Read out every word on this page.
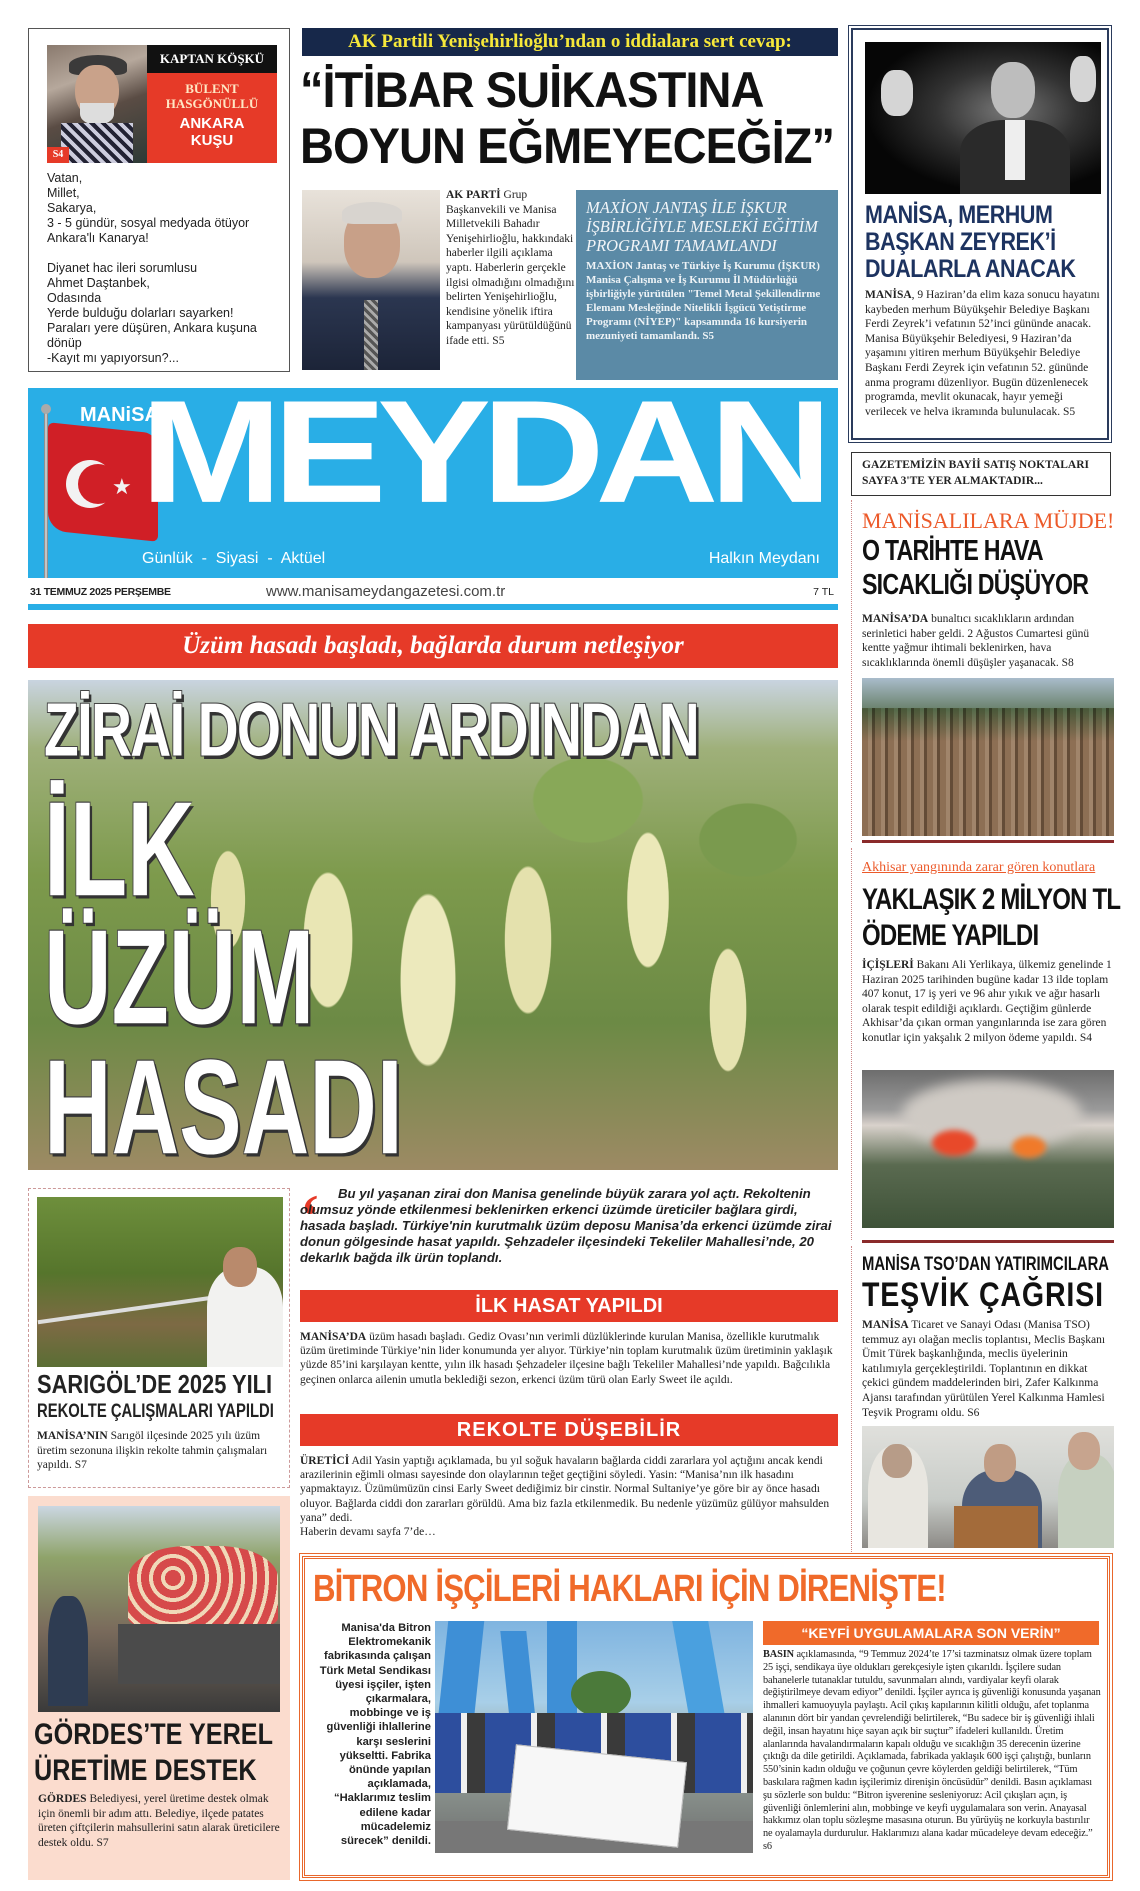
S4
KAPTAN KÖŞKÜ
BÜLENT
HASGÖNÜLLÜ
ANKARA
KUŞU
Vatan,
Millet,
Sakarya,
3 - 5 gündür, sosyal medyada ötüyor
Ankara'lı Kanarya!

Diyanet hac ileri sorumlusu
Ahmet Daştanbek,
Odasında
Yerde bulduğu dolarları sayarken!
Paraları yere düşüren, Ankara kuşuna
dönüp
-Kayıt mı yapıyorsun?...
AK Partili Yenişehirlioğlu’ndan o iddialara sert cevap:
“İTİBAR SUİKASTINA
BOYUN EĞMEYECEĞİZ”

AK PARTİ Grup Başkanvekili ve Manisa Milletvekili Bahadır Yenişehirlioğlu, hakkındaki haberler ilgili açıklama yaptı. Haberlerin gerçekle ilgisi olmadığını olmadığını belirten Yenişehirlioğlu, kendisine yönelik iftira kampanyası yürütüldüğünü ifade etti. S5

MAXİON JANTAŞ İLE İŞKUR İŞBİRLİĞİYLE MESLEKİ EĞİTİM PROGRAMI TAMAMLANDI
MAXİON Jantaş ve Türkiye İş Kurumu (İŞKUR) Manisa Çalışma ve İş Kurumu İl Müdürlüğü işbirliğiyle yürütülen "Temel Metal Şekillendirme Elemanı Mesleğinde Nitelikli İşgücü Yetiştirme Programı (NİYEP)" kapsamında 16 kursiyerin mezuniyeti tamamlandı. S5
MANİSA, MERHUM
BAŞKAN ZEYREK’İ
DUALARLA ANACAK

MANİSA, 9 Haziran’da elim kaza sonucu hayatını kaybeden merhum Büyükşehir Belediye Başkanı Ferdi Zeyrek’i vefatının 52’inci gününde anacak. Manisa Büyükşehir Belediyesi, 9 Haziran’da yaşamını yitiren merhum Büyükşehir Belediye Başkanı Ferdi Zeyrek için vefatının 52. gününde anma programı düzenliyor. Bugün düzenlenecek programda, mevlit okunacak, hayır yemeği verilecek ve helva ikramında bulunulacak. S5

GAZETEMİZİN BAYİİ SATIŞ NOKTALARI
SAYFA 3'TE YER ALMAKTADIR...
★
MANiSA
MEYDAN
Günlük  -  Siyasi  -  Aktüel	Halkın Meydanı
31 TEMMUZ 2025 PERŞEMBE	www.manisameydangazetesi.com.tr	7 TL
Üzüm hasadı başladı, bağlarda durum netleşiyor
ZİRAİ DONUN ARDINDAN
İLK
ÜZÜM
HASADI
MANİSALILARA MÜJDE!
O TARİHTE HAVA
SICAKLIĞI DÜŞÜYOR

MANİSA’DA bunaltıcı sıcaklıkların ardından serinletici haber geldi. 2 Ağustos Cumartesi günü kentte yağmur ihtimali beklenirken, hava sıcaklıklarında önemli düşüşler yaşanacak. S8

Akhisar yangınında zarar gören konutlara
YAKLAŞIK 2 MİLYON TL
ÖDEME YAPILDI

İÇİŞLERİ Bakanı Ali Yerlikaya, ülkemiz genelinde 1 Haziran 2025 tarihinden bugüne kadar 13 ilde toplam 407 konut, 17 iş yeri ve 96 ahır yıkık ve ağır hasarlı olarak tespit edildiği açıklardı. Geçtiğim günlerde Akhisar’da çıkan orman yangınlarında ise zara gören konutlar için yakşalık 2 milyon ödeme yapıldı. S4

MANİSA TSO’DAN YATIRIMCILARA
TEŞVİK ÇAĞRISI

MANİSA Ticaret ve Sanayi Odası (Manisa TSO) temmuz ayı olağan meclis toplantısı, Meclis Başkanı Ümit Türek başkanlığında, meclis üyelerinin katılımıyla gerçekleştirildi. Toplantının en dikkat çekici gündem maddelerinden biri, Zafer Kalkınma Ajansı tarafından yürütülen Yerel Kalkınma Hamlesi Teşvik Programı oldu. S6

SARIGÖL’DE 2025 YILI
REKOLTE ÇALIŞMALARI YAPILDI

MANİSA’NIN Sarıgöl ilçesinde 2025 yılı üzüm üretim sezonuna ilişkin rekolte tahmin çalışmaları yapıldı. S7

GÖRDES’TE YEREL
ÜRETİME DESTEK

GÖRDES Belediyesi, yerel üretime destek olmak için önemli bir adım attı. Belediye, ilçede patates üreten çiftçilerin mahsullerini satın alarak üreticilere destek oldu. S7

‘	Bu yıl yaşanan zirai don Manisa genelinde büyük zarara yol açtı. Rekoltenin olumsuz yönde etkilenmesi beklenirken erkenci üzümde üreticiler bağlara girdi, hasada başladı. Türkiye'nin kurutmalık üzüm deposu Manisa’da erkenci üzümde zirai donun gölgesinde hasat yapıldı. Şehzadeler ilçesindeki Tekeliler Mahallesi’nde, 20 dekarlık bağda ilk ürün toplandı.
İLK HASAT YAPILDI

MANİSA’DA üzüm hasadı başladı. Gediz Ovası’nın verimli düzlüklerinde kurulan Manisa, özellikle kurutmalık üzüm üretiminde Türkiye’nin lider konumunda yer alıyor. Türkiye’nin toplam kurutmalık üzüm üretiminin yaklaşık yüzde 85’ini karşılayan kentte, yılın ilk hasadı Şehzadeler ilçesine bağlı Tekeliler Mahallesi’nde yapıldı. Bağcılıkla geçinen onlarca ailenin umutla beklediği sezon, erkenci üzüm türü olan Early Sweet ile açıldı.

REKOLTE DÜŞEBİLİR

ÜRETİCİ Adil Yasin yaptığı açıklamada, bu yıl soğuk havaların bağlarda ciddi zararlara yol açtığını ancak kendi arazilerinin eğimli olması sayesinde don olaylarının teğet geçtiğini söyledi. Yasin: “Manisa’nın ilk hasadını yapmaktayız. Üzümümüzün cinsi Early Sweet dediğimiz bir cinstir. Normal Sultaniye’ye göre bir ay önce hasadı oluyor. Bağlarda ciddi don zararları görüldü. Ama biz fazla etkilenmedik. Bu nedenle yüzümüz gülüyor mahsulden yana” dedi.
Haberin devamı sayfa 7’de…

BİTRON İŞÇİLERİ HAKLARI İÇİN DİRENİŞTE!
Manisa'da Bitron Elektromekanik fabrikasında çalışan Türk Metal Sendikası üyesi işçiler, işten çıkarmalara, mobbinge ve iş güvenliği ihlallerine karşı seslerini yükseltti. Fabrika önünde yapılan açıklamada, “Haklarımız teslim edilene kadar mücadelemiz sürecek” denildi.
“KEYFİ UYGULAMALARA SON VERİN”

BASIN açıklamasında, “9 Temmuz 2024’te 17’si tazminatsız olmak üzere toplam 25 işçi, sendikaya üye oldukları gerekçesiyle işten çıkarıldı. İşçilere sudan bahanelerle tutanaklar tutuldu, savunmaları alındı, vardiyalar keyfi olarak değiştirilmeye devam ediyor” denildi. İşçiler ayrıca iş güvenliği konusunda yaşanan ihmalleri kamuoyuyla paylaştı. Acil çıkış kapılarının kilitli olduğu, afet toplanma alanının dört bir yandan çevrelendiği belirtilerek, “Bu sadece bir iş güvenliği ihlali değil, insan hayatını hiçe sayan açık bir suçtur” ifadeleri kullanıldı. Üretim alanlarında havalandırmaların kapalı olduğu ve sıcaklığın 35 derecenin üzerine çıktığı da dile getirildi. Açıklamada, fabrikada yaklaşık 600 işçi çalıştığı, bunların 550’sinin kadın olduğu ve çoğunun çevre köylerden geldiği belirtilerek, “Tüm baskılara rağmen kadın işçilerimiz direnişin öncüsüdür” denildi. Basın açıklaması şu sözlerle son buldu: “Bitron işverenine sesleniyoruz: Acil çıkışları açın, iş güvenliği önlemlerini alın, mobbinge ve keyfi uygulamalara son verin. Anayasal hakkımız olan toplu sözleşme masasına oturun. Bu yürüyüş ne korkuyla bastırılır ne oyalamayla durdurulur. Haklarımızı alana kadar mücadeleye devam edeceğiz.” s6
